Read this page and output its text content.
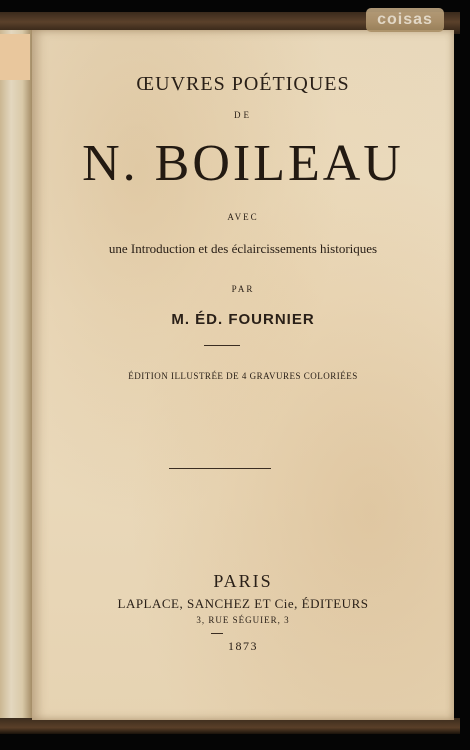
ŒUVRES POÉTIQUES
DE
N. BOILEAU
AVEC
une Introduction et des éclaircissements historiques
PAR
M. ÉD. FOURNIER
ÉDITION ILLUSTRÉE DE 4 GRAVURES COLORIÉES
PARIS
LAPLACE, SANCHEZ ET Cie, ÉDITEURS
3, RUE SÉGUIER, 3
1873
coisas
